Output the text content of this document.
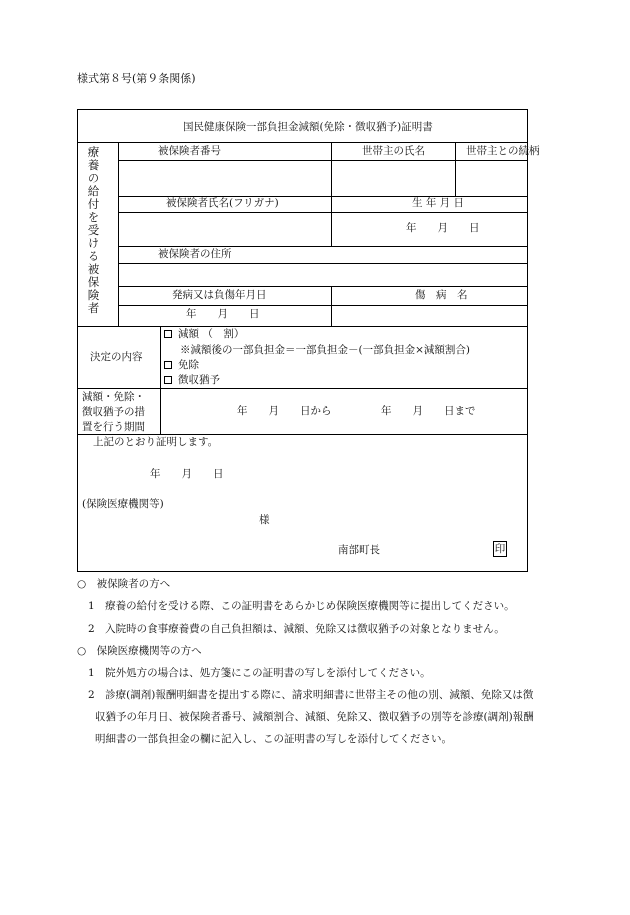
様式第８号(第９条関係)
国民健康保険一部負担金減額(免除・徴収猶予)証明書
療養の給付を受ける被保険者	被保険者番号	世帯主の氏名	世帯主との続柄
被保険者氏名(フリガナ)	生 年 月 日
年　　月　　日
被保険者の住所
発病又は負傷年月日	傷　病　名
年　　月　　日
決定の内容
減額 （　割）
※減額後の一部負担金＝一部負担金－(一部負担金×減額割合)
免除
徴収猶予
減額・免除・
徴収猶予の措
置を行う期間
年　　月　　日から	年　　月　　日まで
上記のとおり証明します。
年　　月　　日
(保険医療機関等)
様
南部町長	印
○　被保険者の方へ
1　療養の給付を受ける際、この証明書をあらかじめ保険医療機関等に提出してください。
2　入院時の食事療養費の自己負担額は、減額、免除又は徴収猶予の対象となりません。
○　保険医療機関等の方へ
1　院外処方の場合は、処方箋にこの証明書の写しを添付してください。
2　診療(調剤)報酬明細書を提出する際に、請求明細書に世帯主その他の別、減額、免除又は徴
収猶予の年月日、被保険者番号、減額割合、減額、免除又、徴収猶予の別等を診療(調剤)報酬
明細書の一部負担金の欄に記入し、この証明書の写しを添付してください。
